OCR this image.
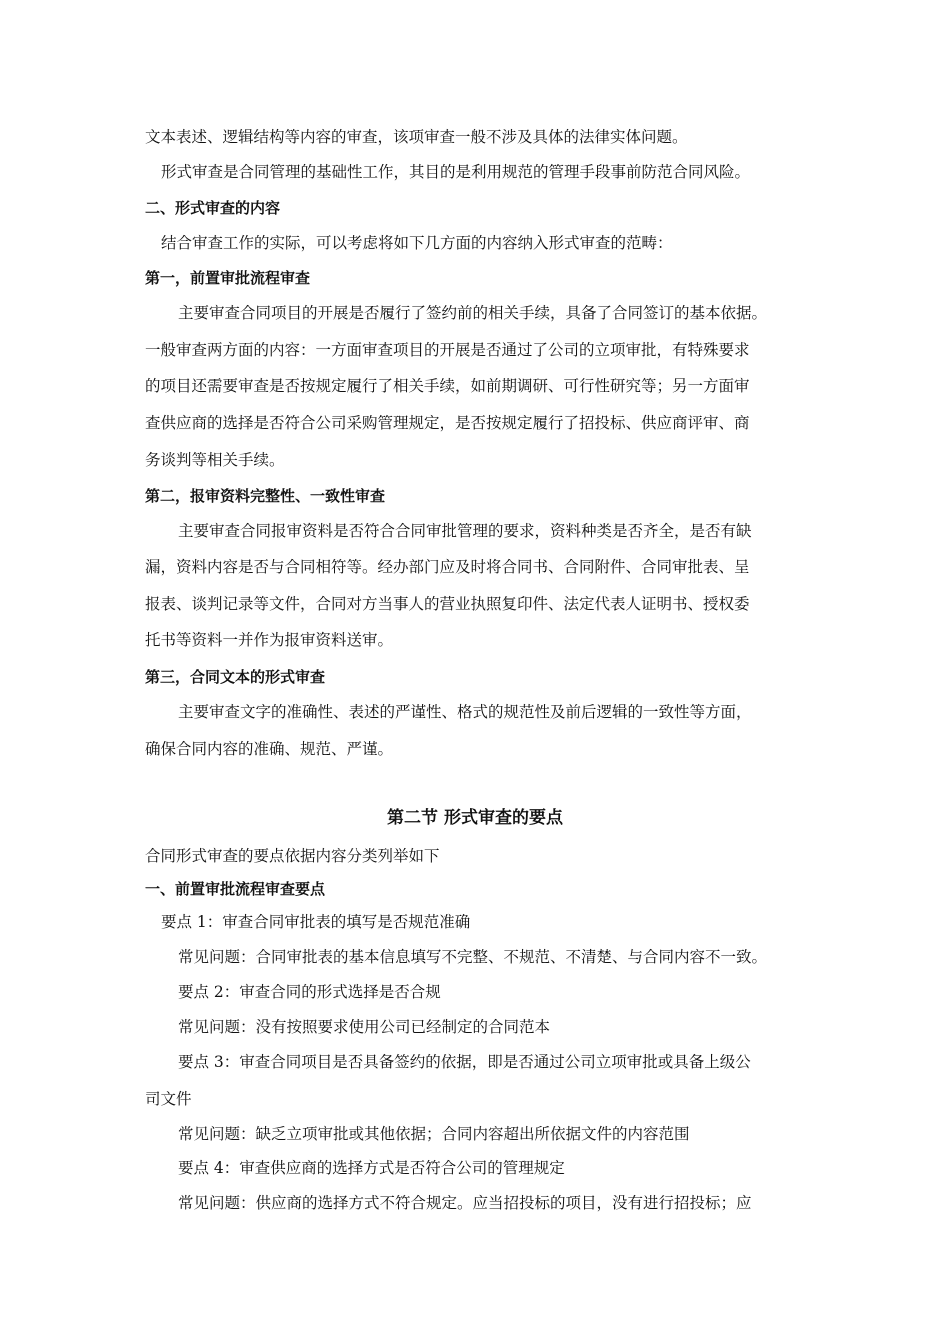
文本表述、逻辑结构等内容的审查，该项审查一般不涉及具体的法律实体问题。
形式审查是合同管理的基础性工作，其目的是利用规范的管理手段事前防范合同风险。
二、形式审查的内容
结合审查工作的实际，可以考虑将如下几方面的内容纳入形式审查的范畴：
第一，前置审批流程审查
主要审查合同项目的开展是否履行了签约前的相关手续，具备了合同签订的基本依据。
一般审查两方面的内容：一方面审查项目的开展是否通过了公司的立项审批，有特殊要求
的项目还需要审查是否按规定履行了相关手续，如前期调研、可行性研究等；另一方面审
查供应商的选择是否符合公司采购管理规定，是否按规定履行了招投标、供应商评审、商
务谈判等相关手续。
第二，报审资料完整性、一致性审查
主要审查合同报审资料是否符合合同审批管理的要求，资料种类是否齐全，是否有缺
漏，资料内容是否与合同相符等。经办部门应及时将合同书、合同附件、合同审批表、呈
报表、谈判记录等文件，合同对方当事人的营业执照复印件、法定代表人证明书、授权委
托书等资料一并作为报审资料送审。
第三，合同文本的形式审查
主要审查文字的准确性、表述的严谨性、格式的规范性及前后逻辑的一致性等方面，
确保合同内容的准确、规范、严谨。
第二节 形式审查的要点
合同形式审查的要点依据内容分类列举如下
一、前置审批流程审查要点
要点 1：审查合同审批表的填写是否规范准确
常见问题：合同审批表的基本信息填写不完整、不规范、不清楚、与合同内容不一致。
要点 2：审查合同的形式选择是否合规
常见问题：没有按照要求使用公司已经制定的合同范本
要点 3：审查合同项目是否具备签约的依据，即是否通过公司立项审批或具备上级公
司文件
常见问题：缺乏立项审批或其他依据；合同内容超出所依据文件的内容范围
要点 4：审查供应商的选择方式是否符合公司的管理规定
常见问题：供应商的选择方式不符合规定。应当招投标的项目，没有进行招投标；应
